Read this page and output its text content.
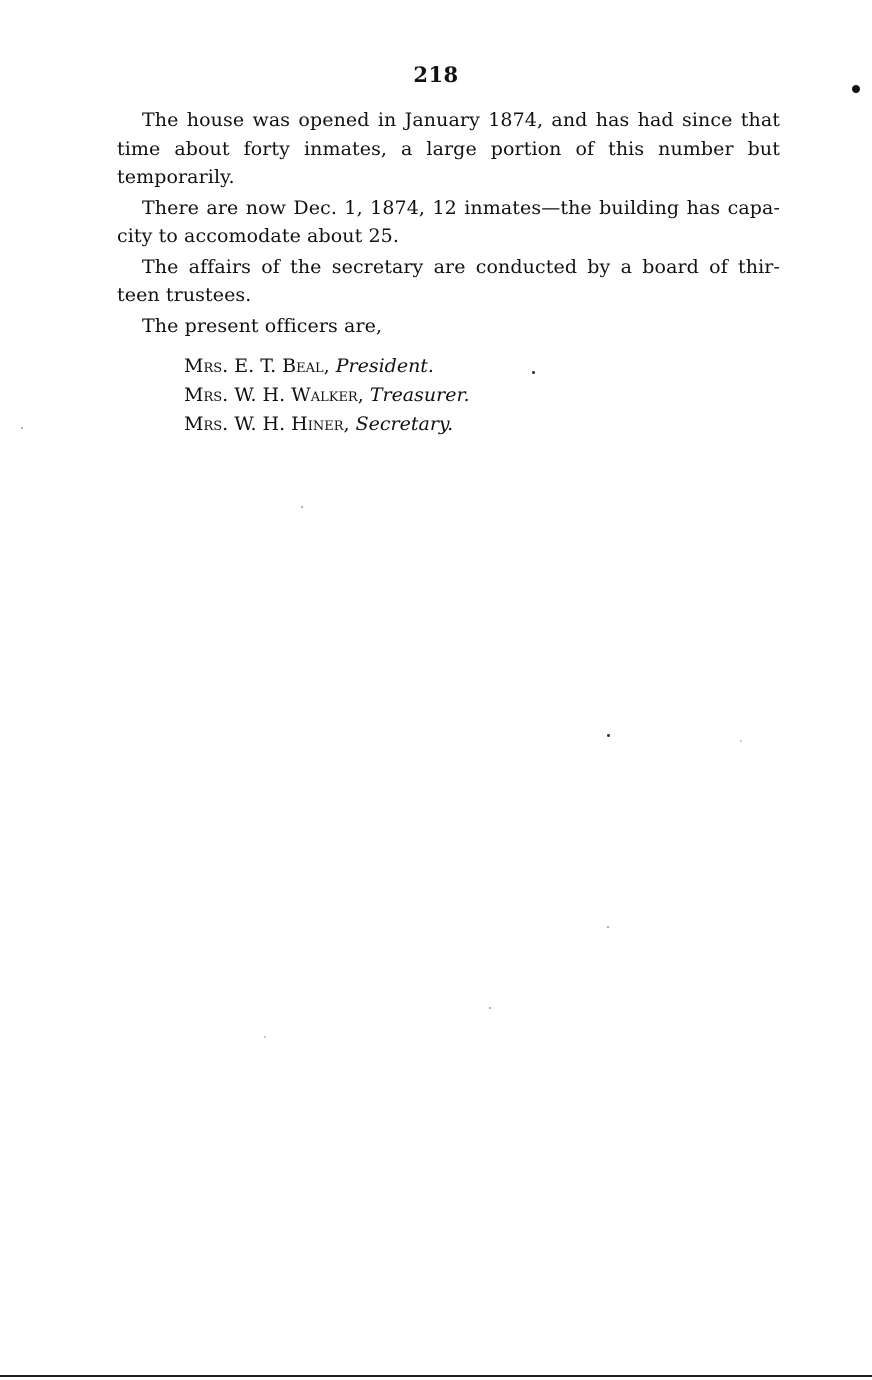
218

The house was opened in January 1874, and has had since that time about forty inmates, a large portion of this number but temporarily.

There are now Dec. 1, 1874, 12 inmates—the building has capa- city to accomodate about 25.

The affairs of the secretary are conducted by a board of thir- teen trustees.

The present officers are,

Mrs. E. T. Beal, President.
Mrs. W. H. Walker, Treasurer.
Mrs. W. H. Hiner, Secretary.
